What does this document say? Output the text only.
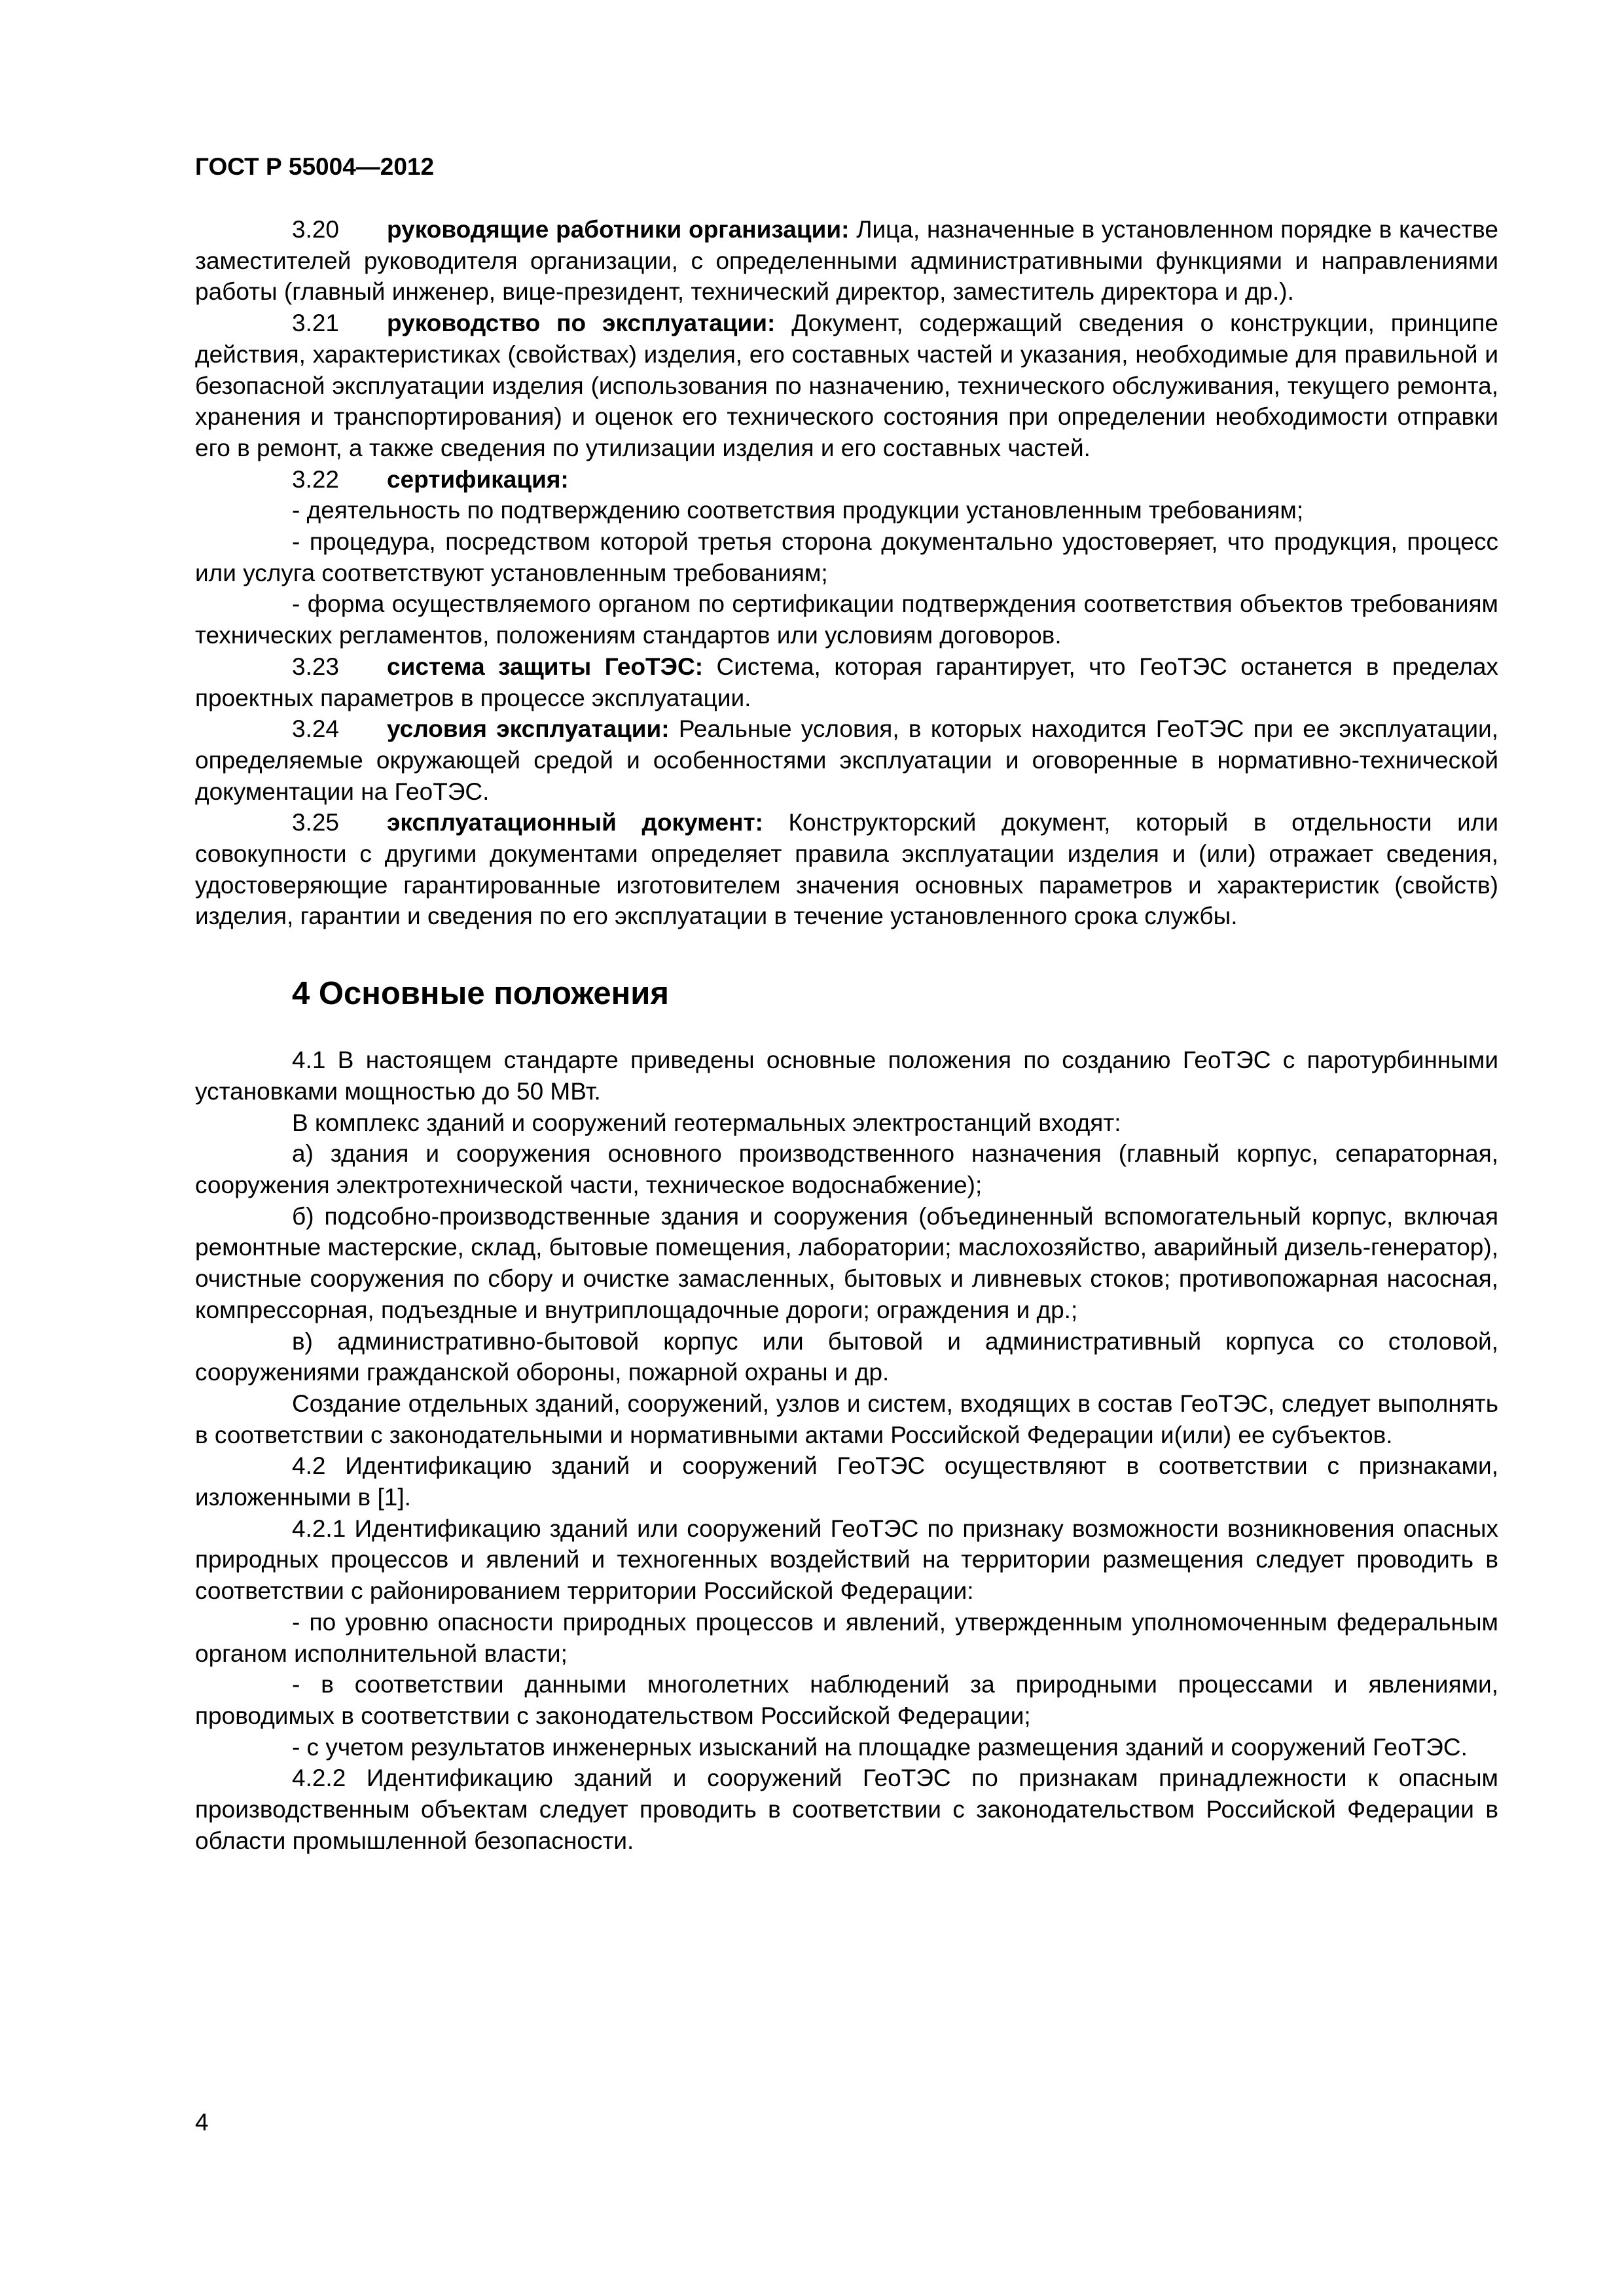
ГОСТ Р 55004—2012

3.20 руководящие работники организации: Лица, назначенные в установленном порядке в качестве заместителей руководителя организации, с определенными административными функциями и направлениями работы (главный инженер, вице-президент, технический директор, заместитель директора и др.).

3.21 руководство по эксплуатации: Документ, содержащий сведения о конструкции, принципе действия, характеристиках (свойствах) изделия, его составных частей и указания, необходимые для правильной и безопасной эксплуатации изделия (использования по назначению, технического обслуживания, текущего ремонта, хранения и транспортирования) и оценок его технического состояния при определении необходимости отправки его в ремонт, а также сведения по утилизации изделия и его составных частей.

3.22 сертификация:

- деятельность по подтверждению соответствия продукции установленным требованиям;

- процедура, посредством которой третья сторона документально удостоверяет, что продукция, процесс или услуга соответствуют установленным требованиям;

- форма осуществляемого органом по сертификации подтверждения соответствия объектов требованиям технических регламентов, положениям стандартов или условиям договоров.

3.23 система защиты ГеоТЭС: Система, которая гарантирует, что ГеоТЭС останется в пределах проектных параметров в процессе эксплуатации.

3.24 условия эксплуатации: Реальные условия, в которых находится ГеоТЭС при ее эксплуатации, определяемые окружающей средой и особенностями эксплуатации и оговоренные в нормативно-технической документации на ГеоТЭС.

3.25 эксплуатационный документ: Конструкторский документ, который в отдельности или совокупности с другими документами определяет правила эксплуатации изделия и (или) отражает сведения, удостоверяющие гарантированные изготовителем значения основных параметров и характеристик (свойств) изделия, гарантии и сведения по его эксплуатации в течение установленного срока службы.

4 Основные положения

4.1 В настоящем стандарте приведены основные положения по созданию ГеоТЭС с паротурбинными установками мощностью до 50 МВт.

В комплекс зданий и сооружений геотермальных электростанций входят:

а) здания и сооружения основного производственного назначения (главный корпус, сепараторная, сооружения электротехнической части, техническое водоснабжение);

б) подсобно-производственные здания и сооружения (объединенный вспомогательный корпус, включая ремонтные мастерские, склад, бытовые помещения, лаборатории; маслохозяйство, аварийный дизель-генератор), очистные сооружения по сбору и очистке замасленных, бытовых и ливневых стоков; противопожарная насосная, компрессорная, подъездные и внутриплощадочные дороги; ограждения и др.;

в) административно-бытовой корпус или бытовой и административный корпуса со столовой, сооружениями гражданской обороны, пожарной охраны и др.

Создание отдельных зданий, сооружений, узлов и систем, входящих в состав ГеоТЭС, следует выполнять в соответствии с законодательными и нормативными актами Российской Федерации и(или) ее субъектов.

4.2 Идентификацию зданий и сооружений ГеоТЭС осуществляют в соответствии с признаками, изложенными в [1].

4.2.1 Идентификацию зданий или сооружений ГеоТЭС по признаку возможности возникновения опасных природных процессов и явлений и техногенных воздействий на территории размещения следует проводить в соответствии с районированием территории Российской Федерации:

- по уровню опасности природных процессов и явлений, утвержденным уполномоченным федеральным органом исполнительной власти;

- в соответствии данными многолетних наблюдений за природными процессами и явлениями, проводимых в соответствии с законодательством Российской Федерации;

- с учетом результатов инженерных изысканий на площадке размещения зданий и сооружений ГеоТЭС.

4.2.2 Идентификацию зданий и сооружений ГеоТЭС по признакам принадлежности к опасным производственным объектам следует проводить в соответствии с законодательством Российской Федерации в области промышленной безопасности.

4
